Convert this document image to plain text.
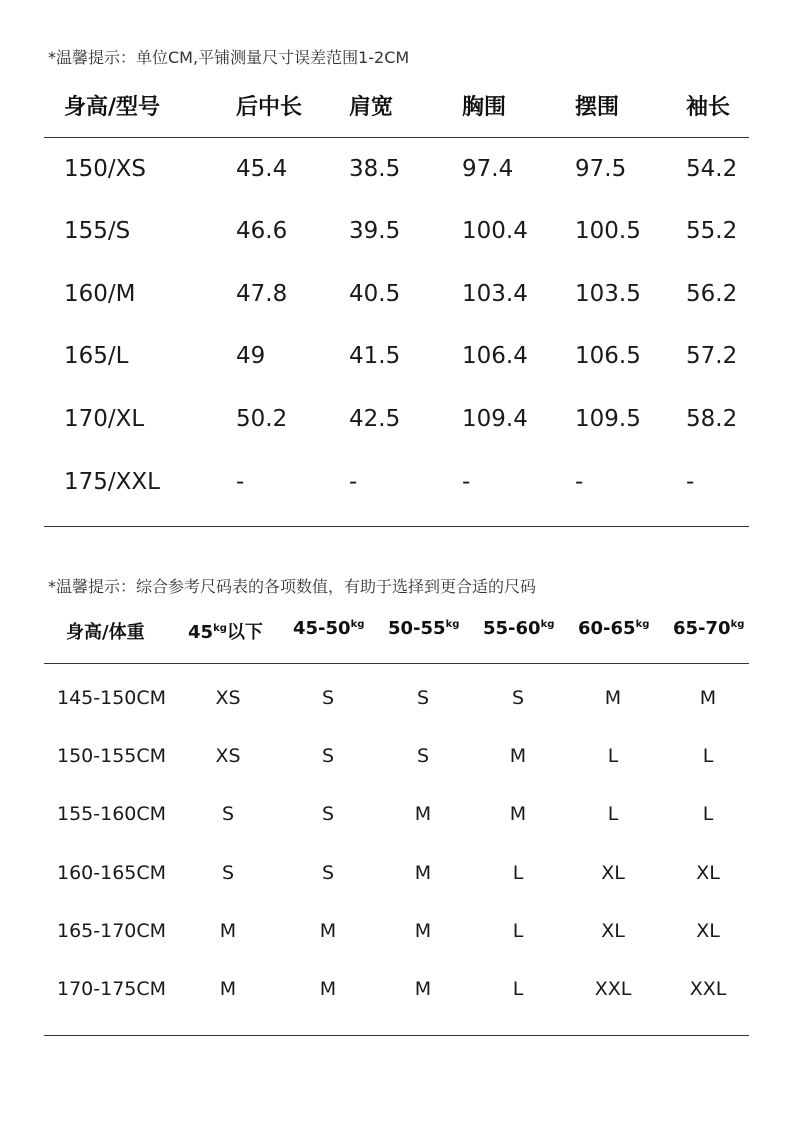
*温馨提示：单位CM,平铺测量尺寸误差范围1-2CM
身高/型号	后中长 肩宽	胸围	摆围	袖长
150/XS	45.4	38.5	97.4	97.5	54.2
155/S	46.6	39.5	100.4 100.5 55.2
160/M	47.8	40.5	103.4 103.5 56.2
165/L	49	41.5	106.4 106.5 57.2
170/XL	50.2	42.5	109.4 109.5 58.2
175/XXL	-	-	-	-	-
*温馨提示：综合参考尺码表的各项数值，有助于选择到更合适的尺码
身高/体重 $45^{kg}$以下 $45-50^{kg}$ $50-55^{kg}$ $55-60^{kg}$ $60-65^{kg}$ $65-70^{kg}$
145-150CM	XS	S	S	S	M	M
150-155CM	XS	S	S	M	L	L
155-160CM	S	S	M	M	L	L
160-165CM	S	S	M	L	XL	XL
165-170CM	M	M	M	L	XL	XL
170-175CM	M	M	M	L	XXL	XXL
